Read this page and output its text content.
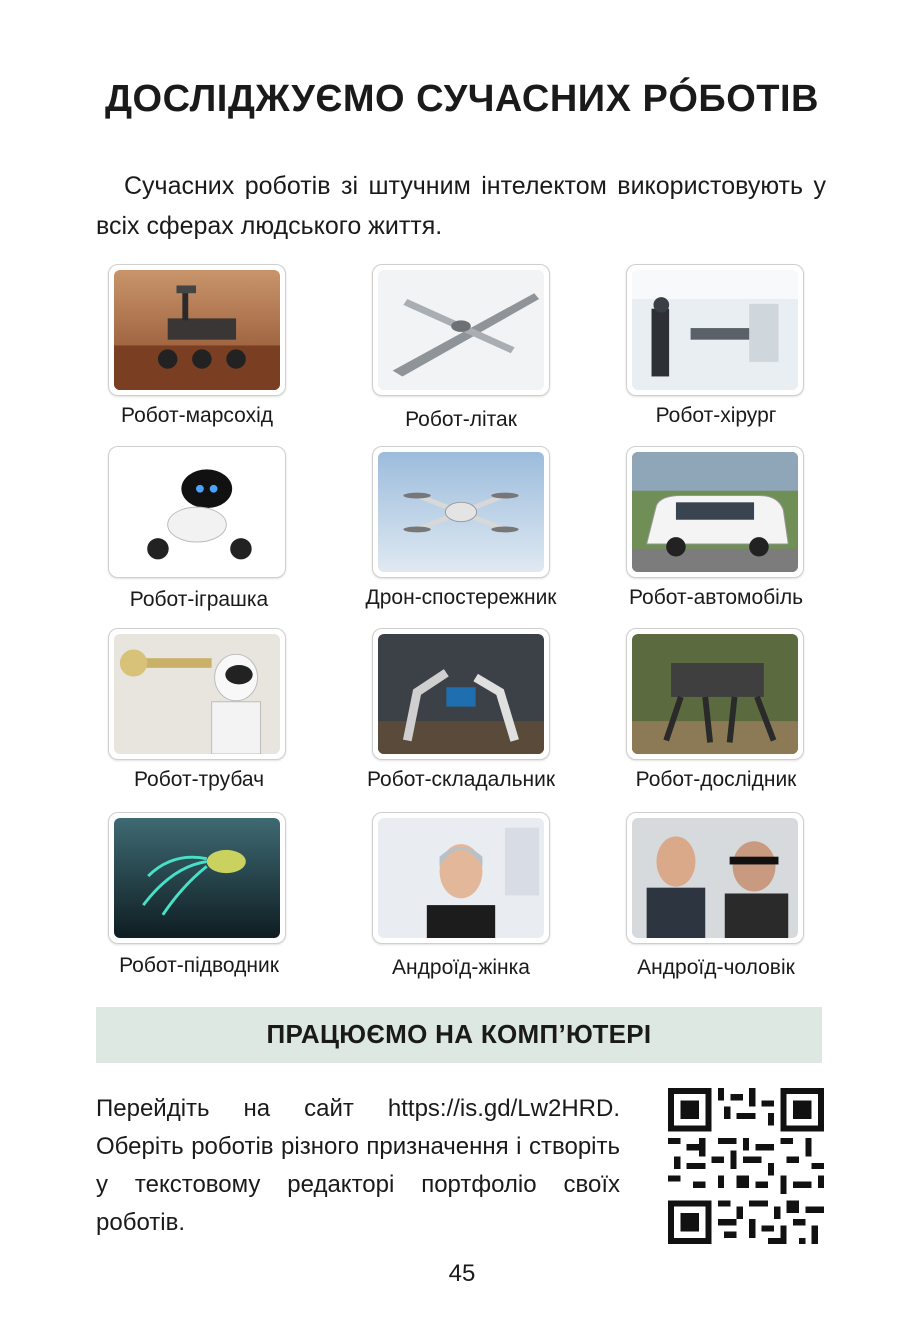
ДОСЛІДЖУЄМО СУЧАСНИХ РÓБОТІВ
Сучасних роботів зі штучним інтелектом використовують у всіх сферах людського життя.
Робот-марсохід	Робот-літак	Робот-хірург
Робот-іграшка	Дрон-спостережник	Робот-автомобіль
Робот-трубач	Робот-складальник	Робот-дослідник
Робот-підводник	Андроїд-жінка	Андроїд-чоловік
ПРАЦЮЄМО НА КОМП’ЮТЕРІ
Перейдіть на сайт https://is.gd/Lw2HRD. Оберіть роботів різного призначення і створіть у текстовому редакторі портфоліо своїх роботів.
45
